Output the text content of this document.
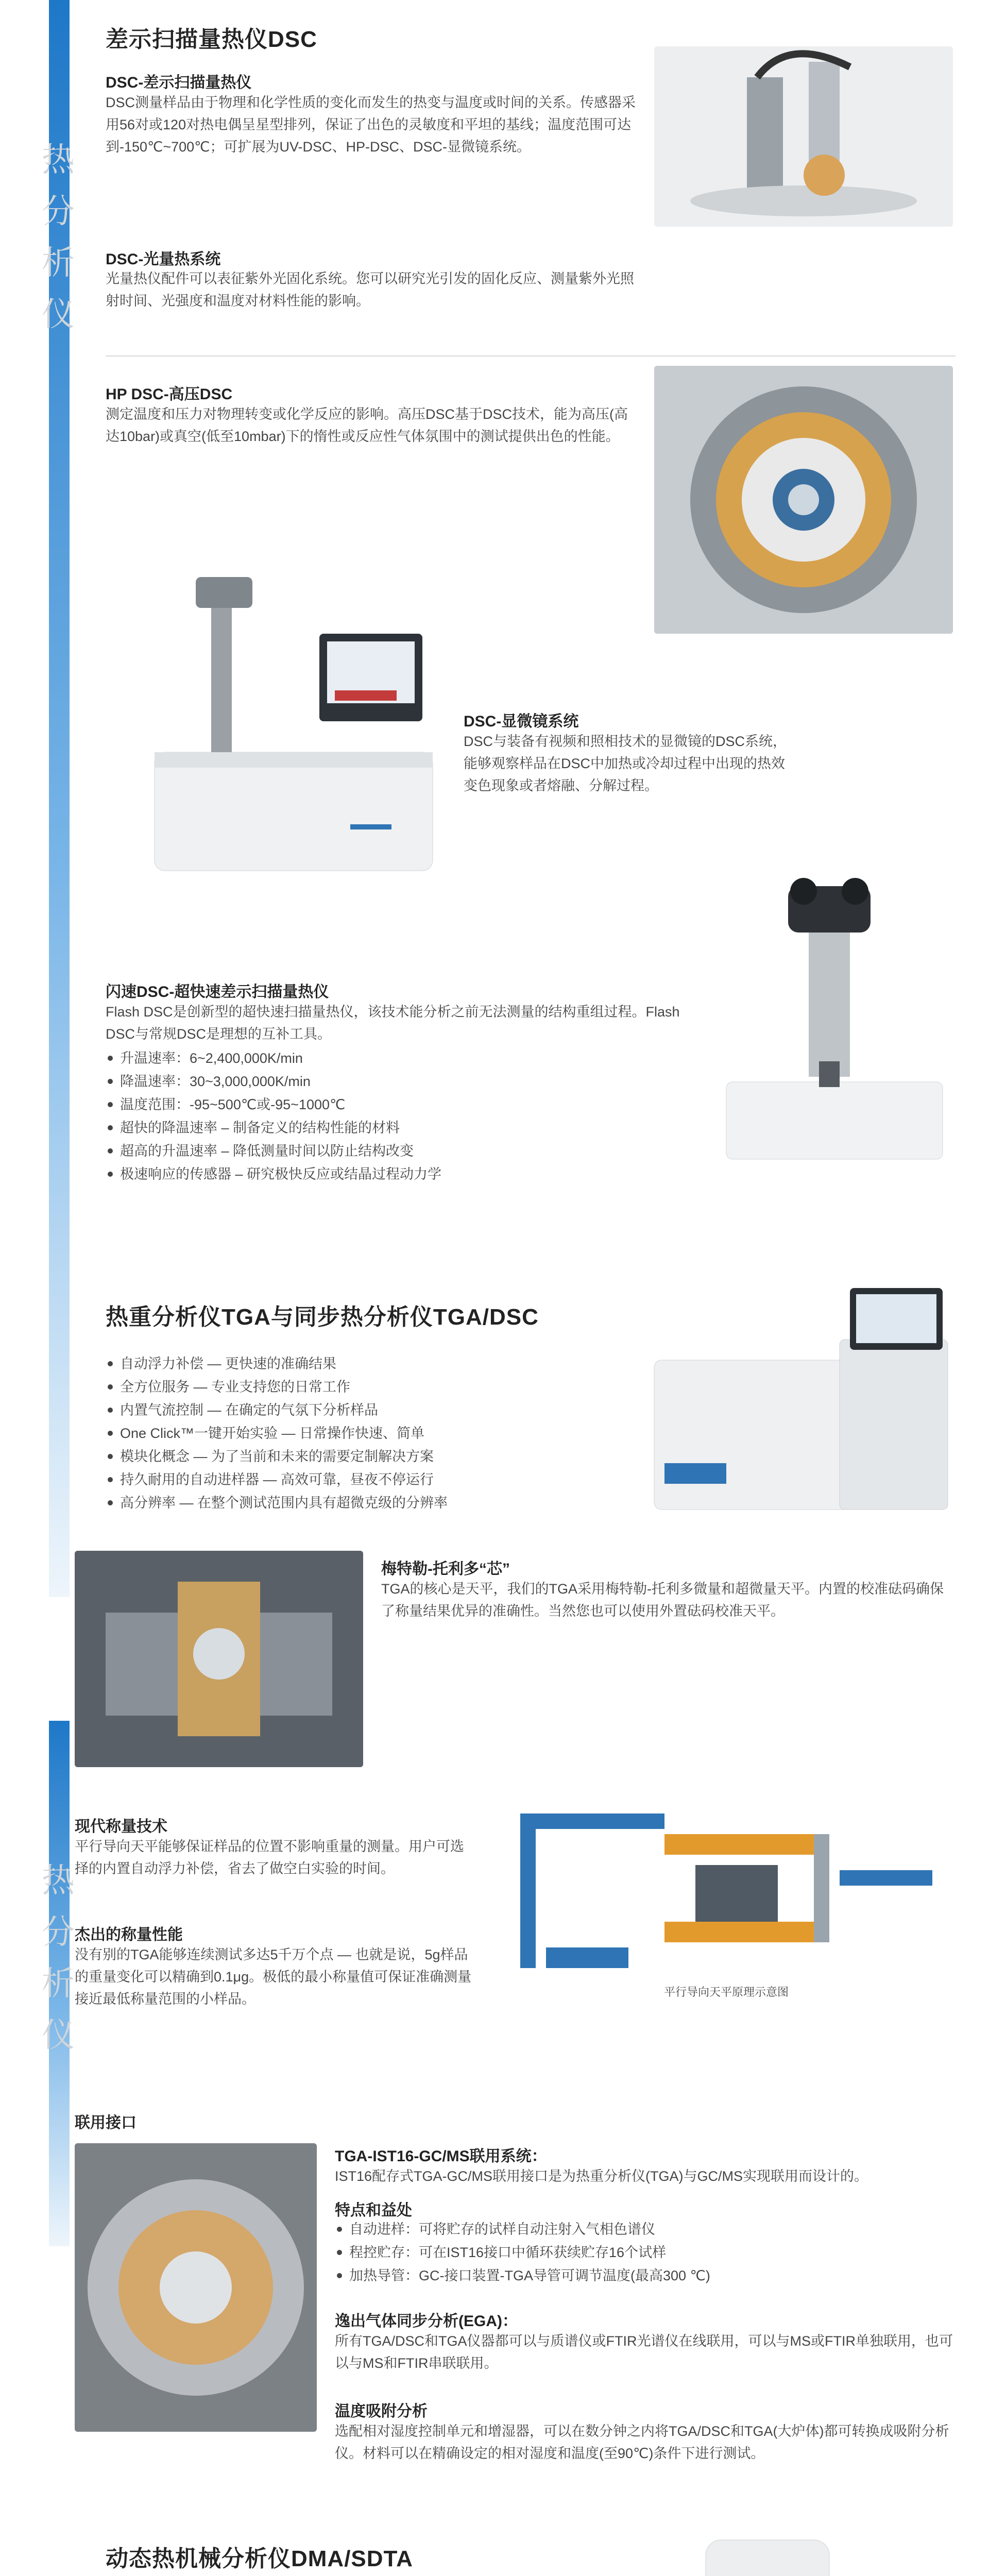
热
分
析
仪
热
分
析
仪
差示扫描量热仪DSC
DSC-差示扫描量热仪

DSC测量样品由于物理和化学性质的变化而发生的热变与温度或时间的关系。传感器采用56对或120对热电偶呈星型排列，保证了出色的灵敏度和平坦的基线；温度范围可达到-150℃~700℃；可扩展为UV-DSC、HP-DSC、DSC-显微镜系统。

DSC-光量热系统

光量热仪配件可以表征紫外光固化系统。您可以研究光引发的固化反应、测量紫外光照射时间、光强度和温度对材料性能的影响。

HP DSC-高压DSC

测定温度和压力对物理转变或化学反应的影响。高压DSC基于DSC技术，能为高压(高达10bar)或真空(低至10mbar)下的惰性或反应性气体氛围中的测试提供出色的性能。

DSC-显微镜系统

DSC与装备有视频和照相技术的显微镜的DSC系统，能够观察样品在DSC中加热或冷却过程中出现的热效变色现象或者熔融、分解过程。

闪速DSC-超快速差示扫描量热仪

Flash DSC是创新型的超快速扫描量热仪，该技术能分析之前无法测量的结构重组过程。Flash DSC与常规DSC是理想的互补工具。

升温速率：6~2,400,000K/min
降温速率：30~3,000,000K/min
温度范围：-95~500℃或-95~1000℃
超快的降温速率 – 制备定义的结构性能的材料
超高的升温速率 – 降低测量时间以防止结构改变
极速响应的传感器 – 研究极快反应或结晶过程动力学
热重分析仪TGA与同步热分析仪TGA/DSC
自动浮力补偿 — 更快速的准确结果
全方位服务 — 专业支持您的日常工作
内置气流控制 — 在确定的气氛下分析样品
One Click™一键开始实验 — 日常操作快速、简单
模块化概念 — 为了当前和未来的需要定制解决方案
持久耐用的自动进样器 — 高效可靠，昼夜不停运行
高分辨率 — 在整个测试范围内具有超微克级的分辨率
梅特勒-托利多“芯”

TGA的核心是天平，我们的TGA采用梅特勒-托利多微量和超微量天平。内置的校准砝码确保了称量结果优异的准确性。当然您也可以使用外置砝码校准天平。

现代称量技术

平行导向天平能够保证样品的位置不影响重量的测量。用户可选择的内置自动浮力补偿，省去了做空白实验的时间。

杰出的称量性能

没有别的TGA能够连续测试多达5千万个点 — 也就是说，5g样品的重量变化可以精确到0.1μg。极低的最小称量值可保证准确测量接近最低称量范围的小样品。	平行导向天平原理示意图
联用接口
TGA-IST16-GC/MS联用系统：

IST16配存式TGA-GC/MS联用接口是为热重分析仪(TGA)与GC/MS实现联用而设计的。

特点和益处
自动进样：可将贮存的试样自动注射入气相色谱仪
程控贮存：可在IST16接口中循环获续贮存16个试样
加热导管：GC-接口装置-TGA导管可调节温度(最高300 ℃)
逸出气体同步分析(EGA)：

所有TGA/DSC和TGA仪器都可以与质谱仪或FTIR光谱仪在线联用，可以与MS或FTIR单独联用，也可以与MS和FTIR串联联用。

温度吸附分析

选配相对湿度控制单元和增湿器，可以在数分钟之内将TGA/DSC和TGA(大炉体)都可转换成吸附分析仪。材料可以在精确设定的相对湿度和温度(至90℃)条件下进行测试。

动态热机械分析仪DMA/SDTA
